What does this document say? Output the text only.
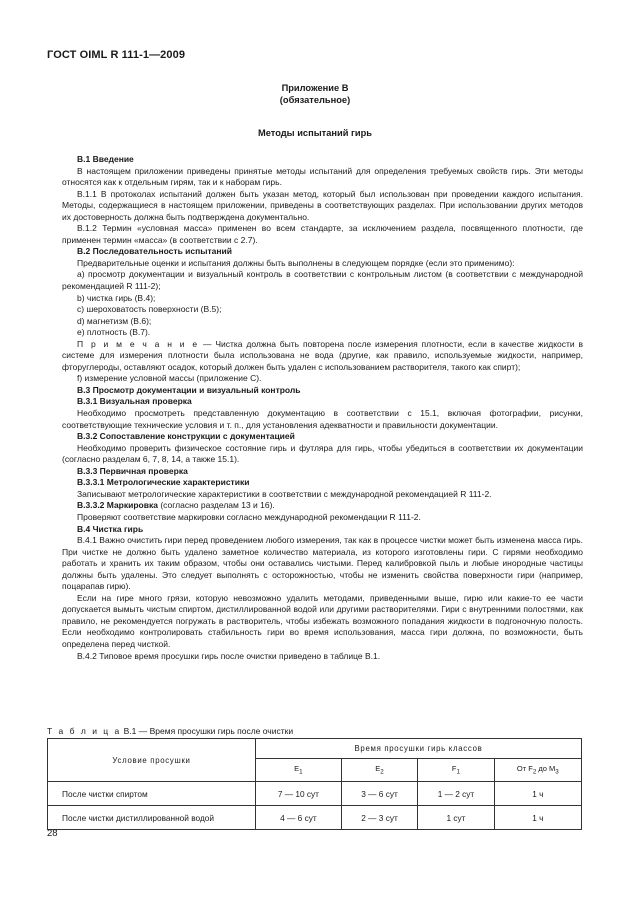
ГОСТ OIML R 111-1—2009
Приложение В
(обязательное)
Методы испытаний гирь

В.1 Введение

В настоящем приложении приведены принятые методы испытаний для определения требуемых свойств гирь. Эти методы относятся как к отдельным гирям, так и к наборам гирь.

В.1.1 В протоколах испытаний должен быть указан метод, который был использован при проведении каждого испытания. Методы, содержащиеся в настоящем приложении, приведены в соответствующих разделах. При использовании других методов их достоверность должна быть подтверждена документально.

В.1.2 Термин «условная масса» применен во всем стандарте, за исключением раздела, посвященного плотности, где применен термин «масса» (в соответствии с 2.7).

В.2 Последовательность испытаний

Предварительные оценки и испытания должны быть выполнены в следующем порядке (если это применимо):

a) просмотр документации и визуальный контроль в соответствии с контрольным листом (в соответствии с международной рекомендацией R 111-2);

b) чистка гирь (В.4);

c) шероховатость поверхности (В.5);

d) магнетизм (В.6);

e) плотность (В.7).

П р и м е ч а н и е — Чистка должна быть повторена после измерения плотности, если в качестве жидкости в системе для измерения плотности была использована не вода (другие, как правило, используемые жидкости, например, фторуглероды, оставляют осадок, который должен быть удален с использованием растворителя, такого как спирт);

f) измерение условной массы (приложение С).

В.3 Просмотр документации и визуальный контроль

В.3.1 Визуальная проверка

Необходимо просмотреть представленную документацию в соответствии с 15.1, включая фотографии, рисунки, соответствующие технические условия и т. п., для установления адекватности и правильности документации.

В.3.2 Сопоставление конструкции с документацией

Необходимо проверить физическое состояние гирь и футляра для гирь, чтобы убедиться в соответствии их документации (согласно разделам 6, 7, 8, 14, а также 15.1).

В.3.3 Первичная проверка

В.3.3.1 Метрологические характеристики

Записывают метрологические характеристики в соответствии с международной рекомендацией R 111-2.

В.3.3.2 Маркировка (согласно разделам 13 и 16).

Проверяют соответствие маркировки согласно международной рекомендации R 111-2.

В.4 Чистка гирь

В.4.1 Важно очистить гири перед проведением любого измерения, так как в процессе чистки может быть изменена масса гирь. При чистке не должно быть удалено заметное количество материала, из которого изготовлены гири. С гирями необходимо работать и хранить их таким образом, чтобы они оставались чистыми. Перед калибровкой пыль и любые инородные частицы должны быть удалены. Это следует выполнять с осторожностью, чтобы не изменить свойства поверхности гири (например, поцарапав гирю).

Если на гире много грязи, которую невозможно удалить методами, приведенными выше, гирю или какие-то ее части допускается вымыть чистым спиртом, дистиллированной водой или другими растворителями. Гири с внутренними полостями, как правило, не рекомендуется погружать в растворитель, чтобы избежать возможного попадания жидкости в подгоночную полость. Если необходимо контролировать стабильность гири во время использования, масса гири должна, по возможности, быть определена перед чисткой.

В.4.2 Типовое время просушки гирь после очистки приведено в таблице В.1.

Т а б л и ц а В.1 — Время просушки гирь после очистки
Условие просушки	Время просушки гирь классов			
	$E_1$	$E_2$	$F_1$	От $F_2$ до $M_3$
После чистки спиртом	7 — 10 сут	3 — 6 сут	1 — 2 сут	1 ч
После чистки дистиллированной водой	4 — 6 сут	2 — 3 сут	1 сут	1 ч
28
